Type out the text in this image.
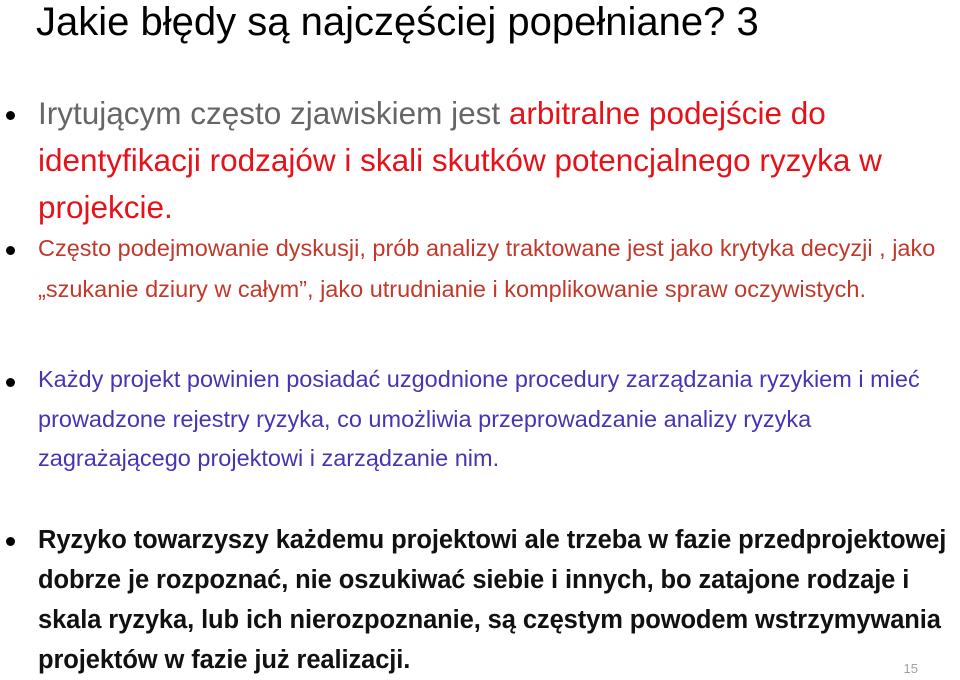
Jakie błędy są najczęściej popełniane? 3

Irytującym często zjawiskiem jest arbitralne podejście do identyfikacji rodzajów i skali skutków potencjalnego ryzyka w projekcie.

Często podejmowanie dyskusji, prób analizy traktowane jest jako krytyka decyzji , jako „szukanie dziury w całym”, jako utrudnianie i komplikowanie spraw oczywistych.

Każdy projekt powinien posiadać uzgodnione procedury zarządzania ryzykiem i mieć prowadzone rejestry ryzyka, co umożliwia przeprowadzanie analizy ryzyka zagrażającego projektowi i zarządzanie nim.

Ryzyko towarzyszy każdemu projektowi ale trzeba w fazie przedprojektowej dobrze je rozpoznać, nie oszukiwać siebie i innych, bo zatajone rodzaje i skala ryzyka, lub ich nierozpoznanie, są częstym powodem wstrzymywania projektów w fazie już realizacji.	15
